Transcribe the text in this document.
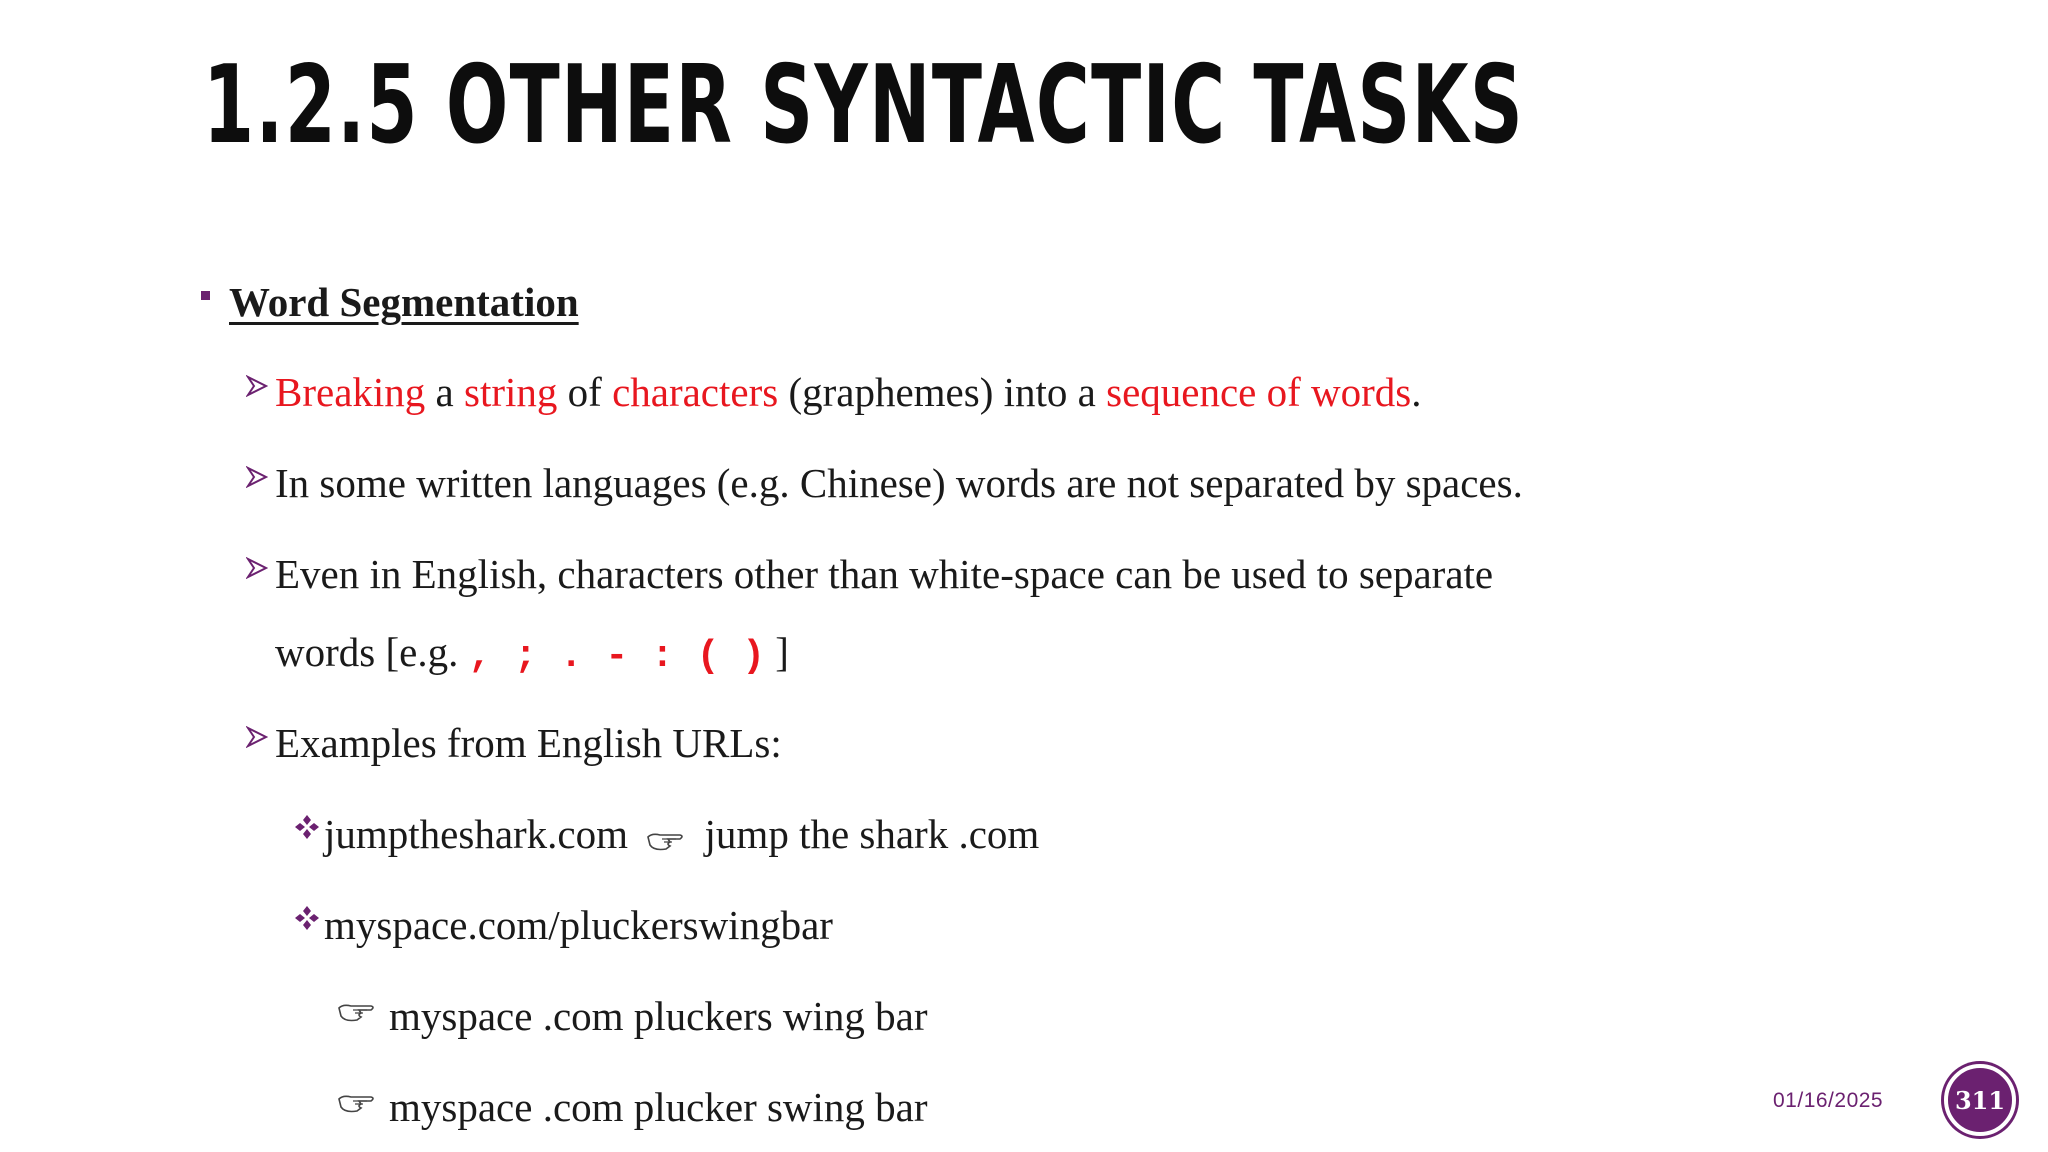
1.2.5 OTHER SYNTACTIC TASKS
Word Segmentation
Breaking a string of characters (graphemes) into a sequence of words.
In some written languages (e.g. Chinese) words are not separated by spaces.
Even in English, characters other than white-space can be used to separate
words [e.g. , ; . - : ( ) ]
Examples from English URLs:
jumptheshark.com jump the shark .com
myspace.com/pluckerswingbar
myspace .com pluckers wing bar
myspace .com plucker swing bar	01/16/2025	311
